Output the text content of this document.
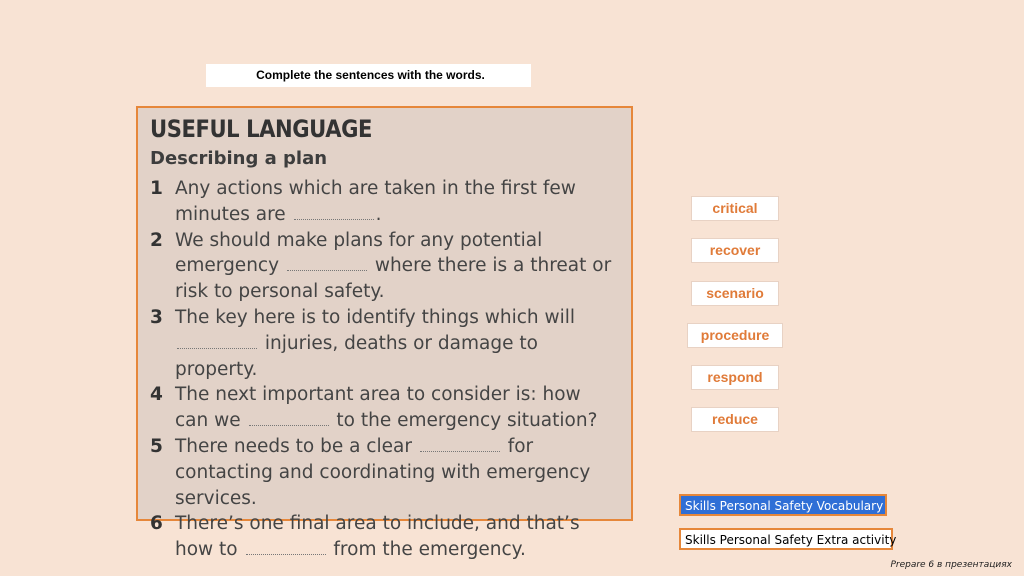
Complete the sentences with the words.
USEFUL LANGUAGE
Describing a plan
1 Any actions which are taken in the first few minutes are	.
2 We should make plans for any potential emergency	where there is a threat or risk to personal safety.
3 The key here is to identify things which will  injuries, deaths or damage to property.
4 The next important area to consider is: how can we	to the emergency situation?
5 There needs to be a clear	for contacting and coordinating with emergency services.
6 There’s one final area to include, and that’s how to	from the emergency.
critical
recover
scenario
procedure
respond
reduce
Skills Personal Safety Vocabulary
Skills Personal Safety Extra activity
Prepare 6 в презентациях
